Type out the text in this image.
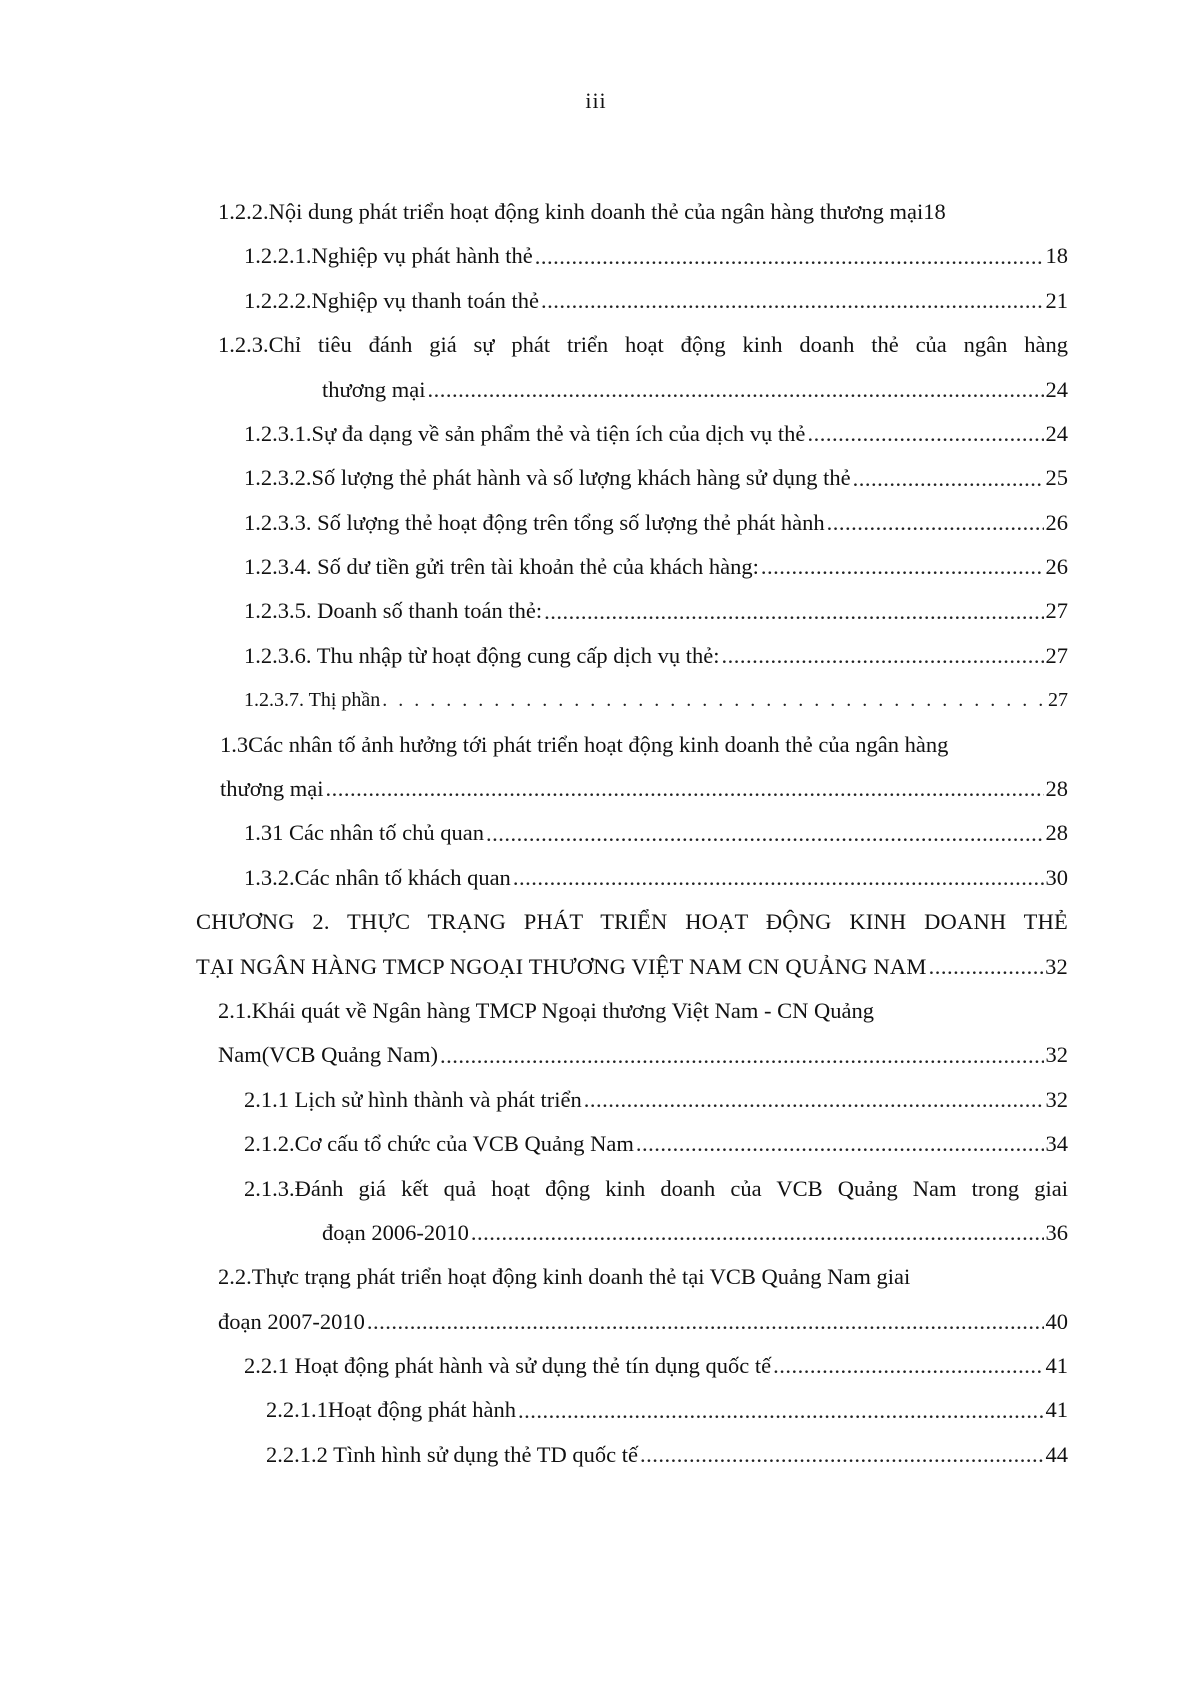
iii
1.2.2.Nội dung phát triển hoạt động kinh doanh thẻ của ngân hàng thương mại 18
1.2.2.1.Nghiệp vụ phát hành thẻ .....	18
1.2.2.2.Nghiệp vụ thanh toán thẻ .....	21
1.2.3.Chỉ tiêu đánh giá sự phát triển hoạt động kinh doanh thẻ của ngân hàng
thương mại .....	24
1.2.3.1.Sự đa dạng về sản phẩm thẻ và tiện ích của dịch vụ thẻ .....	24
1.2.3.2.Số lượng thẻ phát hành và số lượng khách hàng sử dụng thẻ .....	25
1.2.3.3. Số lượng thẻ hoạt động trên tổng số lượng thẻ phát hành .....	26
1.2.3.4. Số dư tiền gửi trên tài khoản thẻ của khách hàng: .....	26
1.2.3.5. Doanh số thanh toán thẻ: .....	27
1.2.3.6. Thu nhập từ hoạt động cung cấp dịch vụ thẻ: .....	27
1.2.3.7. Thị phần . . .	27
1.3Các nhân tố ảnh hưởng tới phát triển hoạt động kinh doanh thẻ của ngân hàng
thương mại .....	28
1.31 Các nhân tố chủ quan .....	28
1.3.2.Các nhân tố khách quan .....	30
CHƯƠNG 2. THỰC TRẠNG PHÁT TRIỂN HOẠT ĐỘNG KINH DOANH THẺ
TẠI NGÂN HÀNG TMCP NGOẠI THƯƠNG VIỆT NAM CN QUẢNG NAM .....	32
2.1.Khái quát về Ngân hàng TMCP Ngoại thương Việt Nam - CN Quảng
Nam(VCB Quảng Nam) .....	32
2.1.1 Lịch sử hình thành và phát triển .....	32
2.1.2.Cơ cấu tổ chức của VCB Quảng Nam .....	34
2.1.3.Đánh giá kết quả hoạt động kinh doanh của VCB Quảng Nam trong giai
đoạn 2006-2010 .....	36
2.2.Thực trạng phát triển hoạt động kinh doanh thẻ tại VCB Quảng Nam giai
đoạn 2007-2010 .....	40
2.2.1 Hoạt động phát hành và sử dụng thẻ tín dụng quốc tế .....	41
2.2.1.1Hoạt động phát hành .....	41
2.2.1.2 Tình hình sử dụng thẻ TD quốc tế .....	44
